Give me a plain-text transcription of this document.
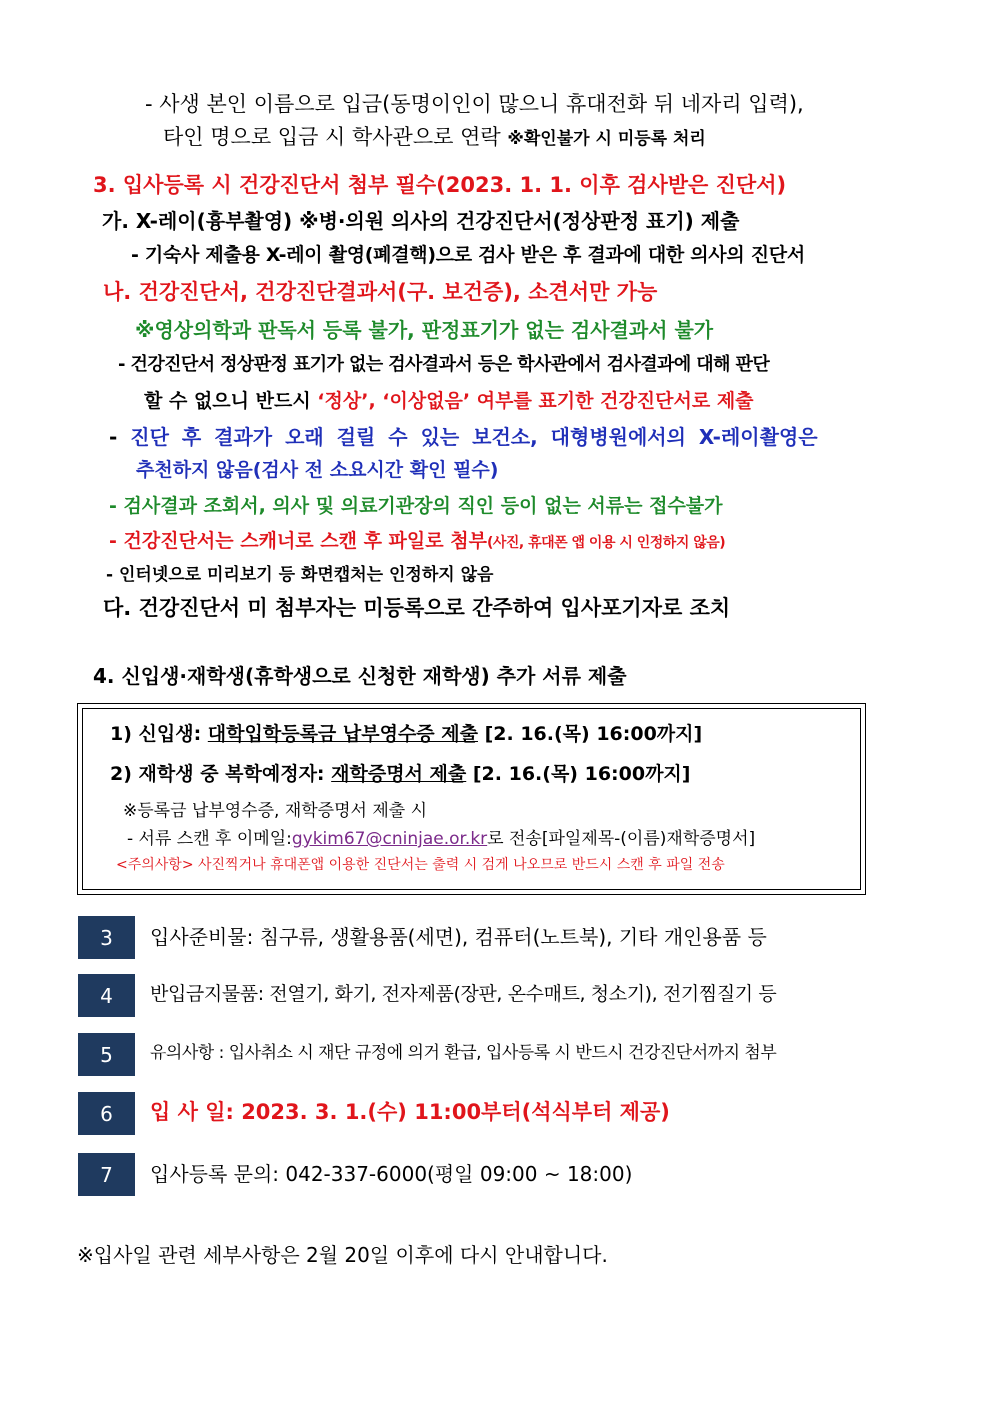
- 사생 본인 이름으로 입금(동명이인이 많으니 휴대전화 뒤 네자리 입력),
타인 명으로 입금 시 학사관으로 연락 ※확인불가 시 미등록 처리
3. 입사등록 시 건강진단서 첨부 필수(2023. 1. 1. 이후 검사받은 진단서)
가. X-레이(흉부촬영) ※병·의원 의사의 건강진단서(정상판정 표기) 제출
- 기숙사 제출용 X-레이 촬영(폐결핵)으로 검사 받은 후 결과에 대한 의사의 진단서
나. 건강진단서, 건강진단결과서(구. 보건증), 소견서만 가능
※영상의학과 판독서 등록 불가, 판정표기가 없는 검사결과서 불가
- 건강진단서 정상판정 표기가 없는 검사결과서 등은 학사관에서 검사결과에 대해 판단
할 수 없으니 반드시 ‘정상’, ‘이상없음’ 여부를 표기한 건강진단서로 제출
- 진단 후 결과가 오래 걸릴 수 있는 보건소, 대형병원에서의 X-레이촬영은
추천하지 않음(검사 전 소요시간 확인 필수)
- 검사결과 조회서, 의사 및 의료기관장의 직인 등이 없는 서류는 접수불가
- 건강진단서는 스캐너로 스캔 후 파일로 첨부(사진, 휴대폰 앱 이용 시 인정하지 않음)
- 인터넷으로 미리보기 등 화면캡처는 인정하지 않음
다. 건강진단서 미 첨부자는 미등록으로 간주하여 입사포기자로 조치
4. 신입생·재학생(휴학생으로 신청한 재학생) 추가 서류 제출
1) 신입생: 대학입학등록금 납부영수증 제출 [2. 16.(목) 16:00까지]
2) 재학생 중 복학예정자: 재학증명서 제출 [2. 16.(목) 16:00까지]
※등록금 납부영수증, 재학증명서 제출 시
- 서류 스캔 후 이메일:gykim67@cninjae.or.kr로 전송[파일제목-(이름)재학증명서]
<주의사항> 사진찍거나 휴대폰앱 이용한 진단서는 출력 시 검게 나오므로 반드시 스캔 후 파일 전송
3	입사준비물: 침구류, 생활용품(세면), 컴퓨터(노트북), 기타 개인용품 등
4	반입금지물품: 전열기, 화기, 전자제품(장판, 온수매트, 청소기), 전기찜질기 등
5	유의사항 : 입사취소 시 재단 규정에 의거 환급, 입사등록 시 반드시 건강진단서까지 첨부
6	입 사 일: 2023. 3. 1.(수) 11:00부터(석식부터 제공)
7	입사등록 문의: 042-337-6000(평일 09:00 ~ 18:00)
※입사일 관련 세부사항은 2월 20일 이후에 다시 안내합니다.
